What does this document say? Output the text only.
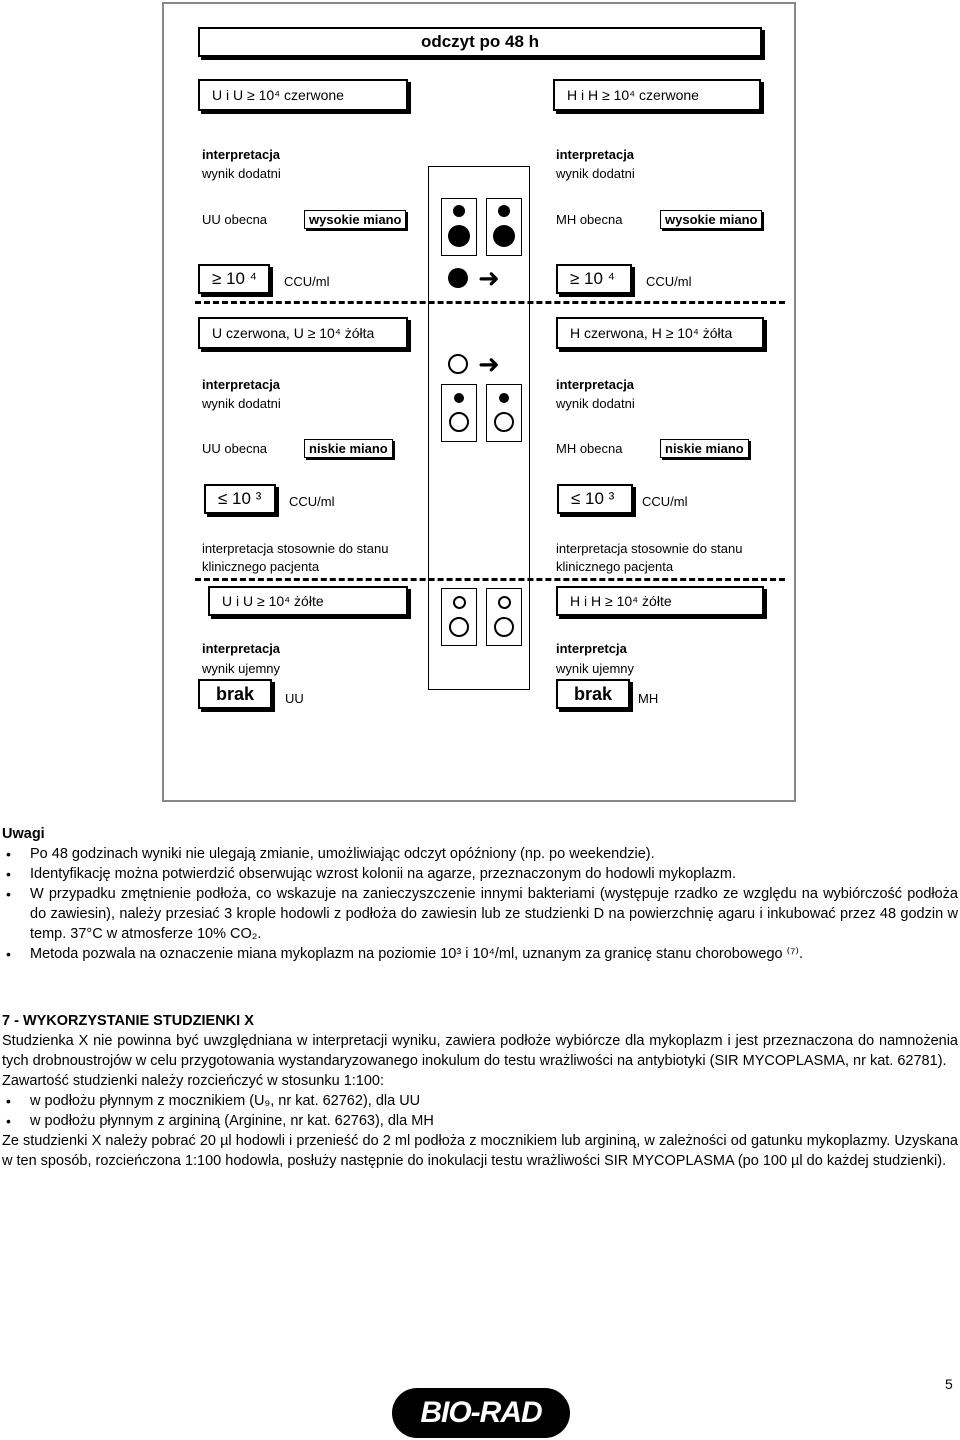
odczyt po 48 h
U i U ≥ 10⁴ czerwone
interpretacja
wynik dodatni
UU obecna	wysokie miano
≥ 10 ⁴	CCU/ml
U czerwona, U ≥ 10⁴ żółta
interpretacja
wynik dodatni
UU obecna	niskie miano
≤ 10 ³	CCU/ml
interpretacja stosownie do stanu
klinicznego pacjenta
U i U ≥ 10⁴ żółte
interpretacja
wynik ujemny
brak	UU
H i H ≥ 10⁴ czerwone
interpretacja
wynik dodatni
MH obecna	wysokie miano
≥ 10 ⁴	CCU/ml
H czerwona, H ≥ 10⁴ żółta
interpretacja
wynik dodatni
MH obecna	niskie miano
≤ 10 ³	CCU/ml
interpretacja stosownie do stanu
klinicznego pacjenta
H i H ≥ 10⁴ żółte
interpretcja
wynik ujemny
brak	MH
➜
➜
Uwagi
• Po 48 godzinach wyniki nie ulegają zmianie, umożliwiając odczyt opóźniony (np. po weekendzie).
• Identyfikację można potwierdzić obserwując wzrost kolonii na agarze, przeznaczonym do hodowli mykoplazm.
• W przypadku zmętnienie podłoża, co wskazuje na zanieczyszczenie innymi bakteriami (występuje rzadko ze względu na wybiórczość podłoża do zawiesin), należy przesiać 3 krople hodowli z podłoża do zawiesin lub ze studzienki D na powierzchnię agaru i inkubować przez 48 godzin w temp. 37°C w atmosferze 10% CO₂.
• Metoda pozwala na oznaczenie miana mykoplazm na poziomie 10³ i 10⁴/ml, uznanym za granicę stanu chorobowego ⁽⁷⁾.
7 - WYKORZYSTANIE STUDZIENKI X
Studzienka X nie powinna być uwzględniana w interpretacji wyniku, zawiera podłoże wybiórcze dla mykoplazm i jest przeznaczona do namnożenia tych drobnoustrojów w celu przygotowania wystandaryzowanego inokulum do testu wrażliwości na antybiotyki (SIR MYCOPLASMA, nr kat. 62781).
Zawartość studzienki należy rozcieńczyć w stosunku 1:100:
• w podłożu płynnym z mocznikiem (U₉, nr kat. 62762), dla UU
• w podłożu płynnym z argininą (Arginine, nr kat. 62763), dla MH
Ze studzienki X należy pobrać 20 µl hodowli i przenieść do 2 ml podłoża z mocznikiem lub argininą, w zależności od gatunku mykoplazmy. Uzyskana w ten sposób, rozcieńczona 1:100 hodowla, posłuży następnie do inokulacji testu wrażliwości SIR MYCOPLASMA (po 100 µl do każdej studzienki).
5
BIO-RAD
